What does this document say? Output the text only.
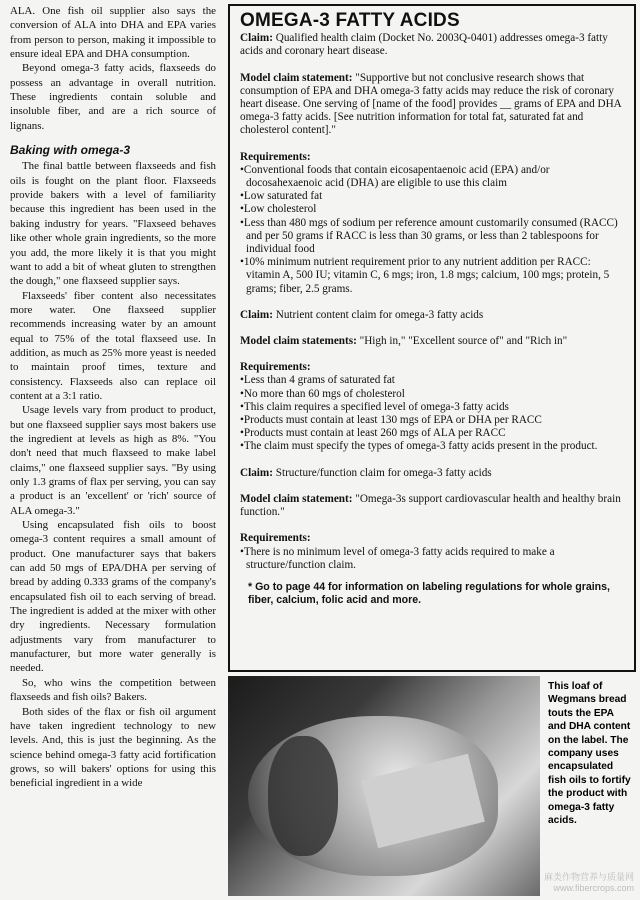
ALA. One fish oil supplier also says the conversion of ALA into DHA and EPA varies from person to person, making it impossible to ensure ideal EPA and DHA consumption.

Beyond omega-3 fatty acids, flaxseeds do possess an advantage in overall nutrition. These ingredients contain soluble and insoluble fiber, and are a rich source of lignans.

Baking with omega-3

The final battle between flaxseeds and fish oils is fought on the plant floor. Flaxseeds provide bakers with a level of familiarity because this ingredient has been used in the baking industry for years. "Flaxseed behaves like other whole grain ingredients, so the more you add, the more likely it is that you might want to add a bit of wheat gluten to strengthen the dough," one flaxseed supplier says.

Flaxseeds' fiber content also necessitates more water. One flaxseed supplier recommends increasing water by an amount equal to 75% of the total flaxseed use. In addition, as much as 25% more yeast is needed to maintain proof times, texture and consistency. Flaxseeds also can replace oil content at a 3:1 ratio.

Usage levels vary from product to product, but one flaxseed supplier says most bakers use the ingredient at levels as high as 8%. "You don't need that much flaxseed to make label claims," one flaxseed supplier says. "By using only 1.3 grams of flax per serving, you can say a product is an 'excellent' or 'rich' source of ALA omega-3."

Using encapsulated fish oils to boost omega-3 content requires a small amount of product. One manufacturer says that bakers can add 50 mgs of EPA/DHA per serving of bread by adding 0.333 grams of the company's encapsulated fish oil to each serving of bread. The ingredient is added at the mixer with other dry ingredients. Necessary formulation adjustments vary from manufacturer to manufacturer, but more water generally is needed.

So, who wins the competition between flaxseeds and fish oils? Bakers.

Both sides of the flax or fish oil argument have taken ingredient technology to new levels. And, this is just the beginning. As the science behind omega-3 fatty acid fortification grows, so will bakers' options for using this beneficial ingredient in a wide

OMEGA-3 FATTY ACIDS

Claim: Qualified health claim (Docket No. 2003Q-0401) addresses omega-3 fatty acids and coronary heart disease.

Model claim statement: "Supportive but not conclusive research shows that consumption of EPA and DHA omega-3 fatty acids may reduce the risk of coronary heart disease. One serving of [name of the food] provides __ grams of EPA and DHA omega-3 fatty acids. [See nutrition information for total fat, saturated fat and cholesterol content]."

Requirements:

• Conventional foods that contain eicosapentaenoic acid (EPA) and/or docosahexaenoic acid (DHA) are eligible to use this claim
• Low saturated fat
• Low cholesterol
• Less than 480 mgs of sodium per reference amount customarily consumed (RACC) and per 50 grams if RACC is less than 30 grams, or less than 2 tablespoons for individual food
• 10% minimum nutrient requirement prior to any nutrient addition per RACC: vitamin A, 500 IU; vitamin C, 6 mgs; iron, 1.8 mgs; calcium, 100 mgs; protein, 5 grams; fiber, 2.5 grams.

Claim: Nutrient content claim for omega-3 fatty acids

Model claim statements: "High in," "Excellent source of" and "Rich in"

Requirements:

• Less than 4 grams of saturated fat
• No more than 60 mgs of cholesterol
• This claim requires a specified level of omega-3 fatty acids
• Products must contain at least 130 mgs of EPA or DHA per RACC
• Products must contain at least 260 mgs of ALA per RACC
• The claim must specify the types of omega-3 fatty acids present in the product.

Claim: Structure/function claim for omega-3 fatty acids

Model claim statement: "Omega-3s support cardiovascular health and healthy brain function."

Requirements:

• There is no minimum level of omega-3 fatty acids required to make a structure/function claim.

* Go to page 44 for information on labeling regulations for whole grains, fiber, calcium, folic acid and more.

This loaf of Wegmans bread touts the EPA and DHA content on the label. The company uses encapsulated fish oils to fortify the product with omega-3 fatty acids.
麻类作物营养与质量网
www.fibercrops.com
